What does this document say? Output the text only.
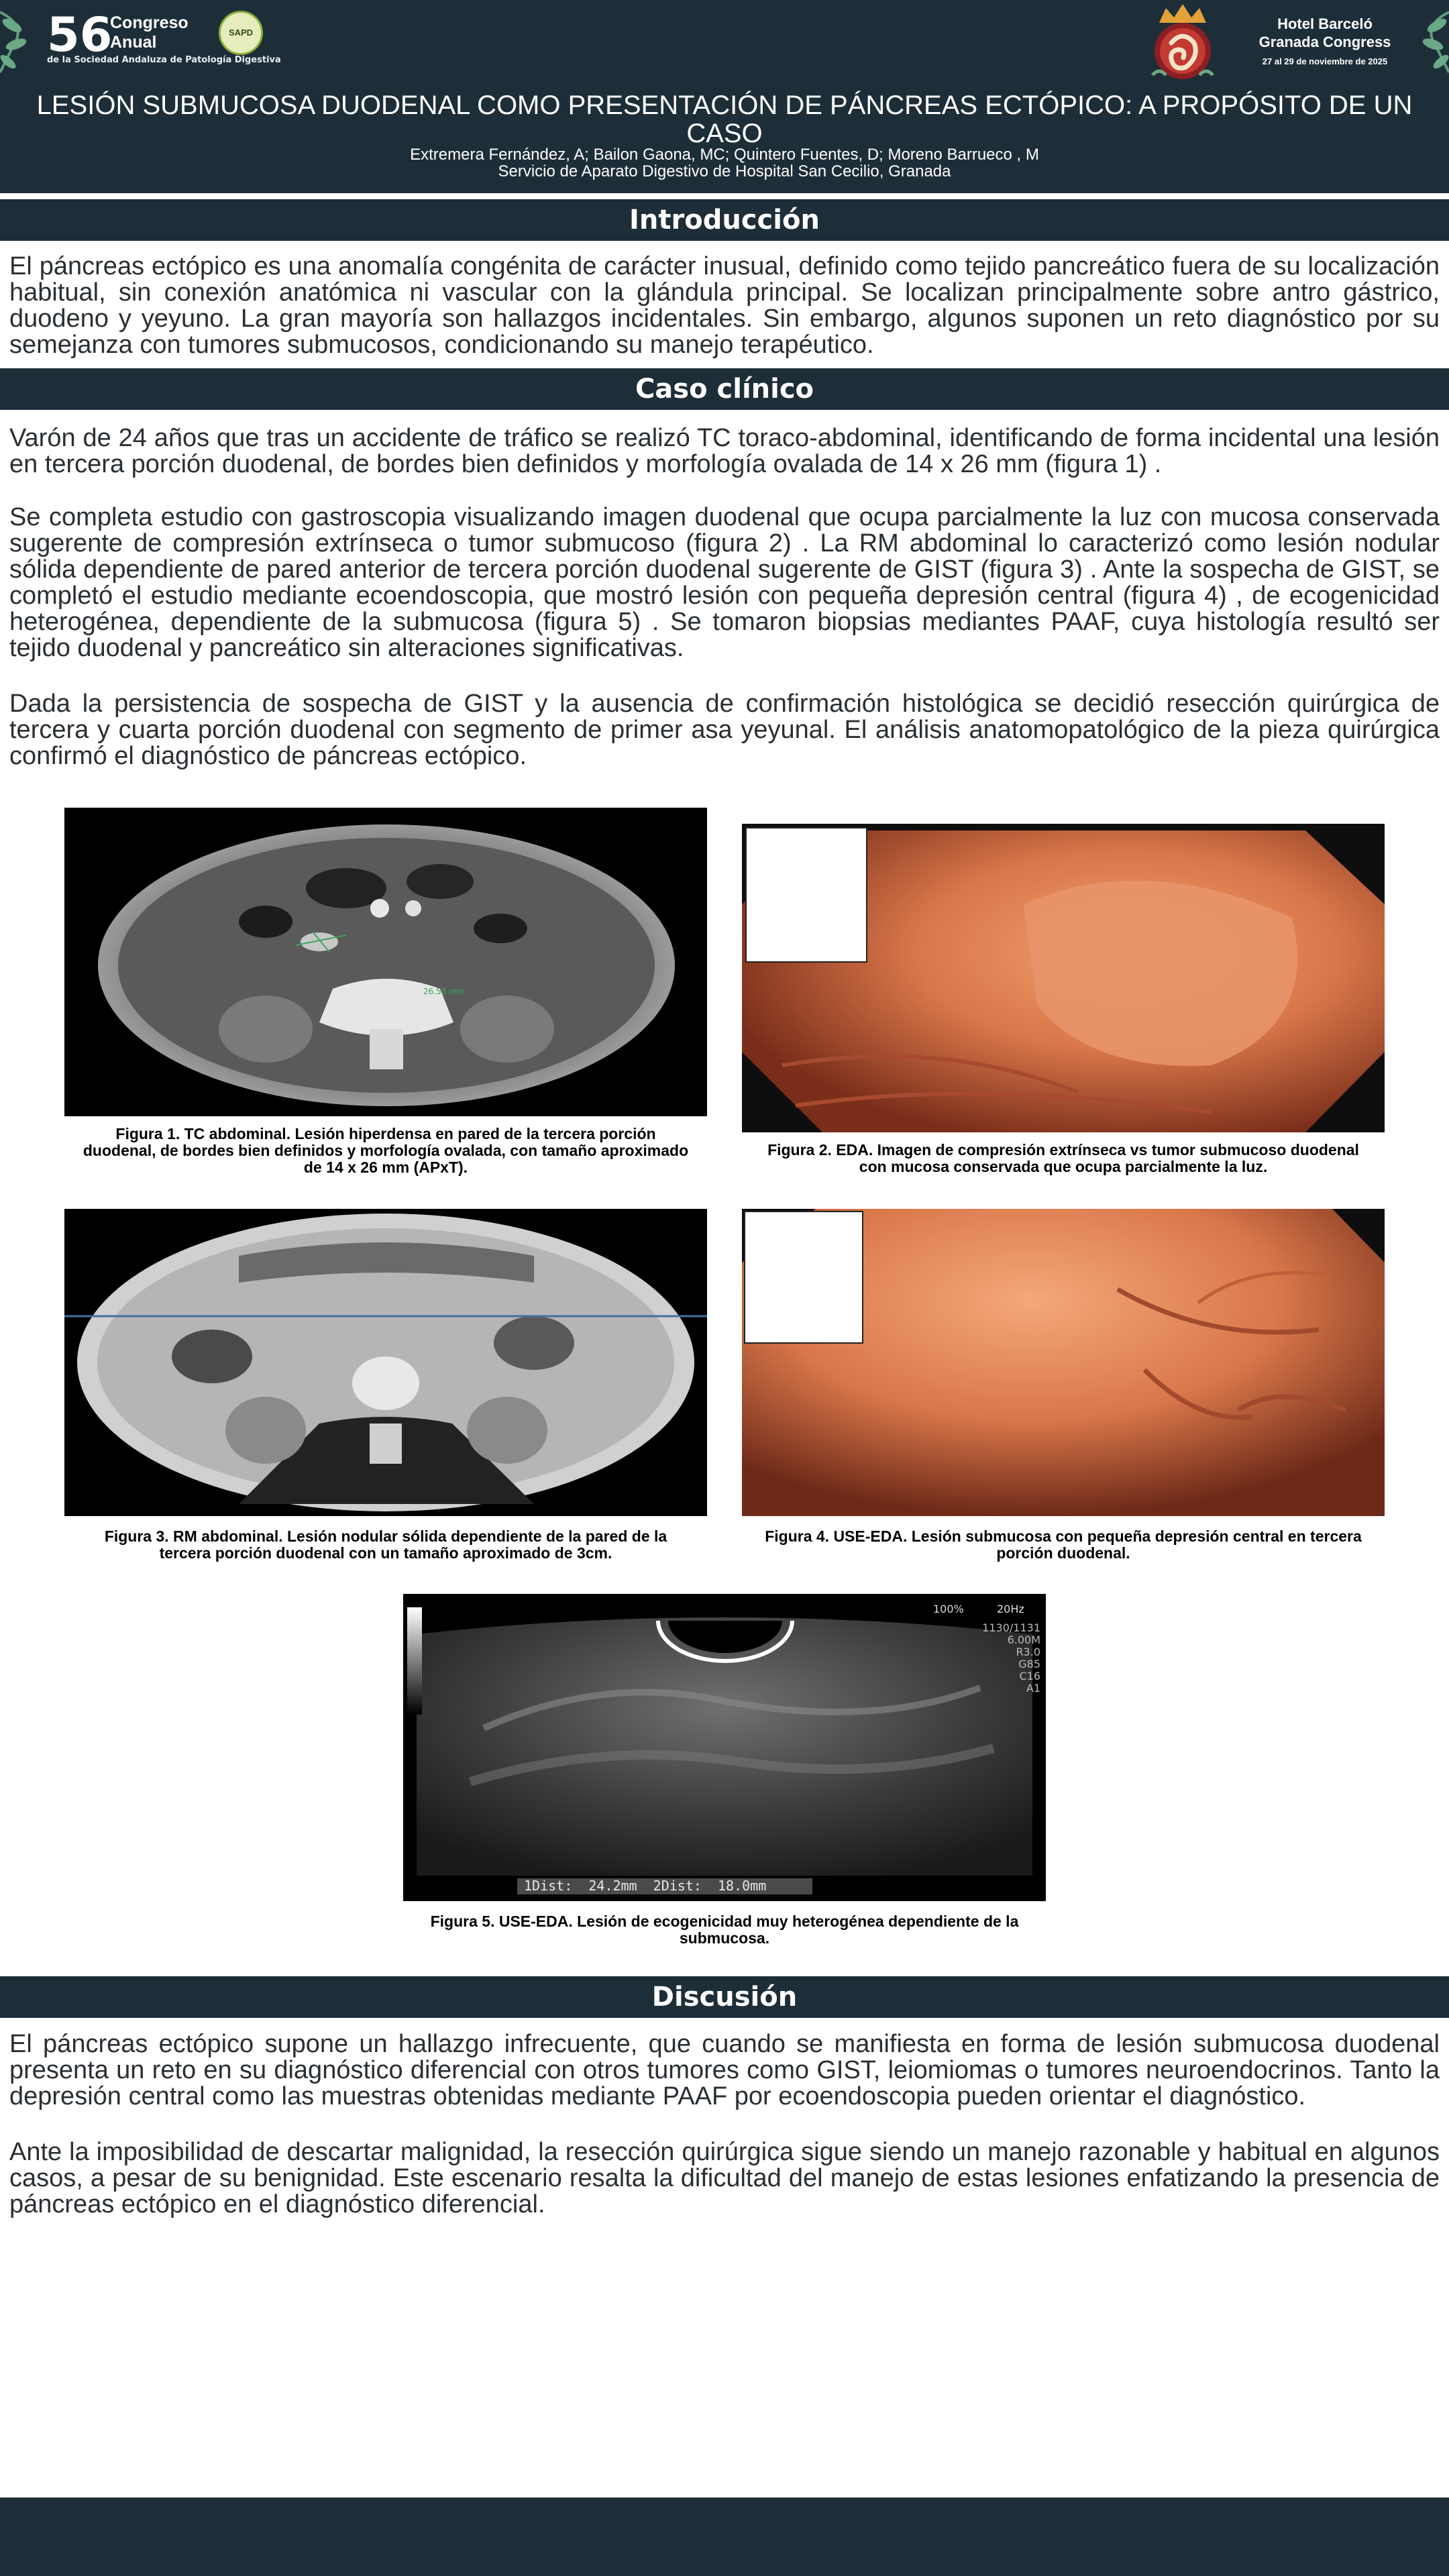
56
Congreso Anual
de la Sociedad Andaluza de Patología Digestiva
SAPD
Hotel Barceló
Granada Congress
27 al 29 de noviembre de 2025
LESIÓN SUBMUCOSA DUODENAL COMO PRESENTACIÓN DE PÁNCREAS ECTÓPICO: A PROPÓSITO DE UN CASO
Extremera Fernández, A; Bailon Gaona, MC; Quintero Fuentes, D; Moreno Barrueco , M
Servicio de Aparato Digestivo de Hospital San Cecilio, Granada
Introducción

El páncreas ectópico es una anomalía congénita de carácter inusual, definido como tejido pancreático fuera de su localización habitual, sin conexión anatómica ni vascular con la glándula principal. Se localizan principalmente sobre antro gástrico, duodeno y yeyuno. La gran mayoría son hallazgos incidentales. Sin embargo, algunos suponen un reto diagnóstico por su semejanza con tumores submucosos, condicionando su manejo terapéutico.

Caso clínico

Varón de 24 años que tras un accidente de tráfico se realizó TC toraco-abdominal, identificando de forma incidental una lesión en tercera porción duodenal, de bordes bien definidos y morfología ovalada de 14 x 26 mm (figura 1) .

Se completa estudio con gastroscopia visualizando imagen duodenal que ocupa parcialmente la luz con mucosa conservada sugerente de compresión extrínseca o tumor submucoso (figura 2) . La RM abdominal lo caracterizó como lesión nodular sólida dependiente de pared anterior de tercera porción duodenal sugerente de GIST (figura 3) . Ante la sospecha de GIST, se completó el estudio mediante ecoendoscopia, que mostró lesión con pequeña depresión central (figura 4) , de ecogenicidad heterogénea, dependiente de la submucosa (figura 5) . Se tomaron biopsias mediantes PAAF, cuya histología resultó ser tejido duodenal y pancreático sin alteraciones significativas.

Dada la persistencia de sospecha de GIST y la ausencia de confirmación histológica se decidió resección quirúrgica de tercera y cuarta porción duodenal con segmento de primer asa yeyunal. El análisis anatomopatológico de la pieza quirúrgica confirmó el diagnóstico de páncreas ectópico.

26.58 mm
Figura 1. TC abdominal. Lesión hiperdensa en pared de la tercera porción duodenal, de bordes bien definidos y morfología ovalada, con tamaño aproximado de 14 x 26 mm (APxT).
Figura 2. EDA. Imagen de compresión extrínseca vs tumor submucoso duodenal con mucosa conservada que ocupa parcialmente la luz.
Figura 3. RM abdominal. Lesión nodular sólida dependiente de la pared de la tercera porción duodenal con un tamaño aproximado de 3cm.
Figura 4. USE-EDA. Lesión submucosa con pequeña depresión central en tercera porción duodenal.
100%	20Hz
1130/1131
6.00M
R3.0
G85
C16
A1
1Dist:  24.2mm  2Dist:  18.0mm
Figura 5. USE-EDA. Lesión de ecogenicidad muy heterogénea dependiente de la submucosa.
Discusión

El páncreas ectópico supone un hallazgo infrecuente, que cuando se manifiesta en forma de lesión submucosa duodenal presenta un reto en su diagnóstico diferencial con otros tumores como GIST, leiomiomas o tumores neuroendocrinos. Tanto la depresión central como las muestras obtenidas mediante PAAF por ecoendoscopia pueden orientar el diagnóstico.

Ante la imposibilidad de descartar malignidad, la resección quirúrgica sigue siendo un manejo razonable y habitual en algunos casos, a pesar de su benignidad. Este escenario resalta la dificultad del manejo de estas lesiones enfatizando la presencia de páncreas ectópico en el diagnóstico diferencial.
